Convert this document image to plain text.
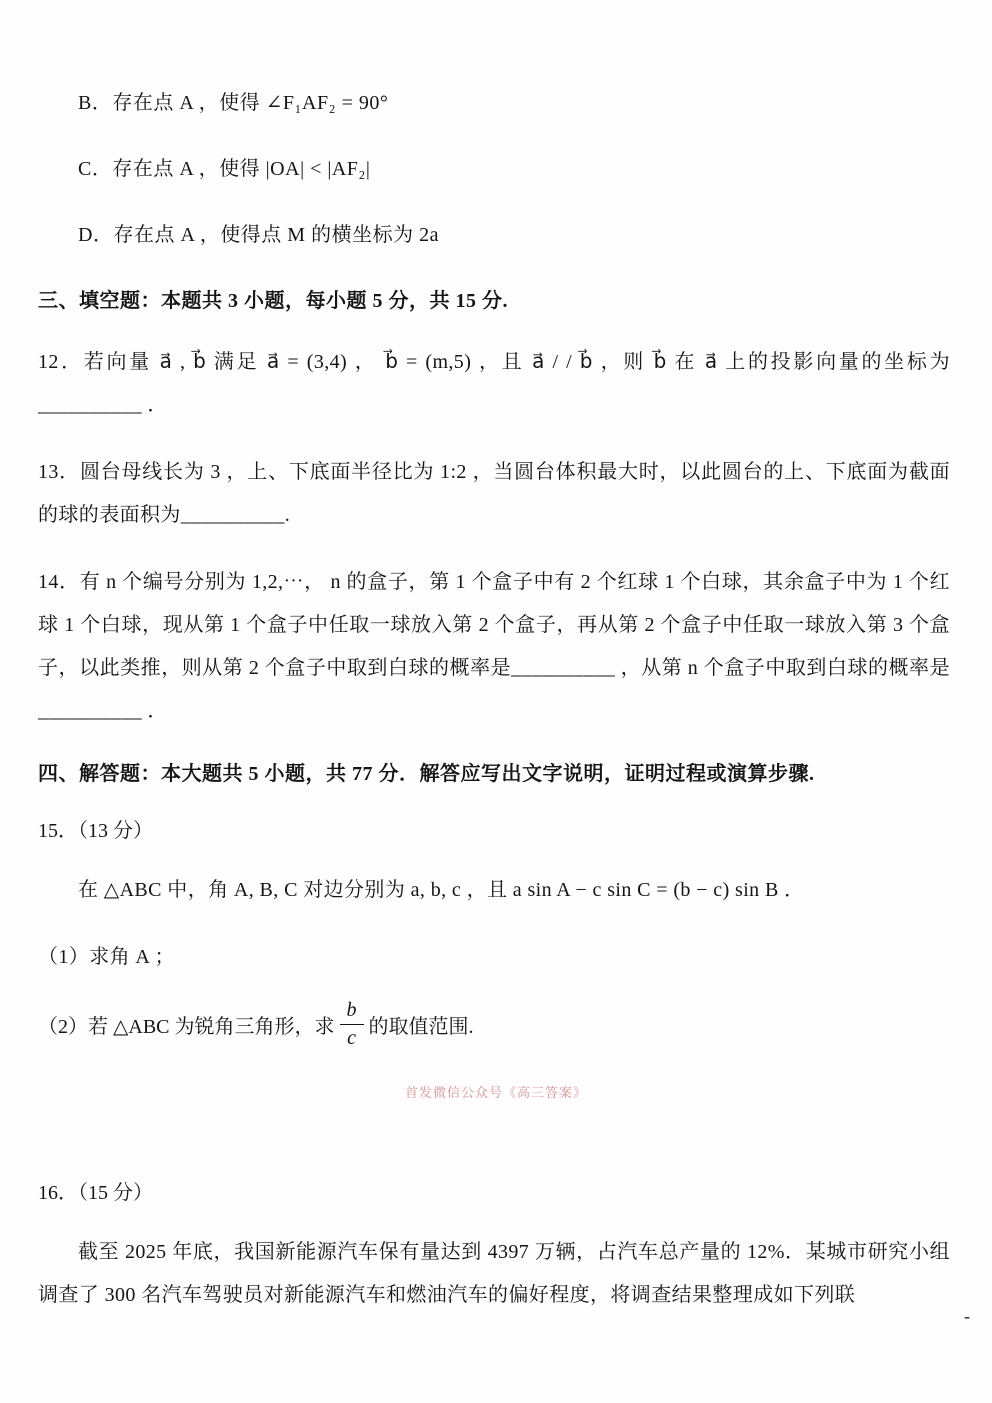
B．存在点 A ，使得 ∠F₁AF₂ = 90°

C．存在点 A ，使得 |OA| < |AF₂|

D．存在点 A ，使得点 M 的横坐标为 2a

三、填空题：本题共 3 小题，每小题 5 分，共 15 分.

12．若向量 a⃗ , b⃗ 满足 a⃗ = (3,4) ， b⃗ = (m,5) ，且 a⃗ / / b⃗ ，则 b⃗ 在 a⃗ 上的投影向量的坐标为__________ ．

13．圆台母线长为 3 ，上、下底面半径比为 1:2 ，当圆台体积最大时，以此圆台的上、下底面为截面的球的表面积为__________.

14．有 n 个编号分别为 1,2,⋯， n 的盒子，第 1 个盒子中有 2 个红球 1 个白球，其余盒子中为 1 个红球 1 个白球，现从第 1 个盒子中任取一球放入第 2 个盒子，再从第 2 个盒子中任取一球放入第 3 个盒子，以此类推，则从第 2 个盒子中取到白球的概率是__________ ，从第 n 个盒子中取到白球的概率是__________ ．

四、解答题：本大题共 5 小题，共 77 分．解答应写出文字说明，证明过程或演算步骤.

15．（13 分）

在 △ABC 中，角 A, B, C 对边分别为 a, b, c ，且 a sin A − c sin C = (b − c) sin B ．

（1）求角 A ；

（2）若 △ABC 为锐角三角形，求 $\frac{b}{c}$ 的取值范围.
首发微信公众号《高三答案》

16．（15 分）

截至 2025 年底，我国新能源汽车保有量达到 4397 万辆，占汽车总产量的 12%．某城市研究小组调查了 300 名汽车驾驶员对新能源汽车和燃油汽车的偏好程度，将调查结果整理成如下列联

-
